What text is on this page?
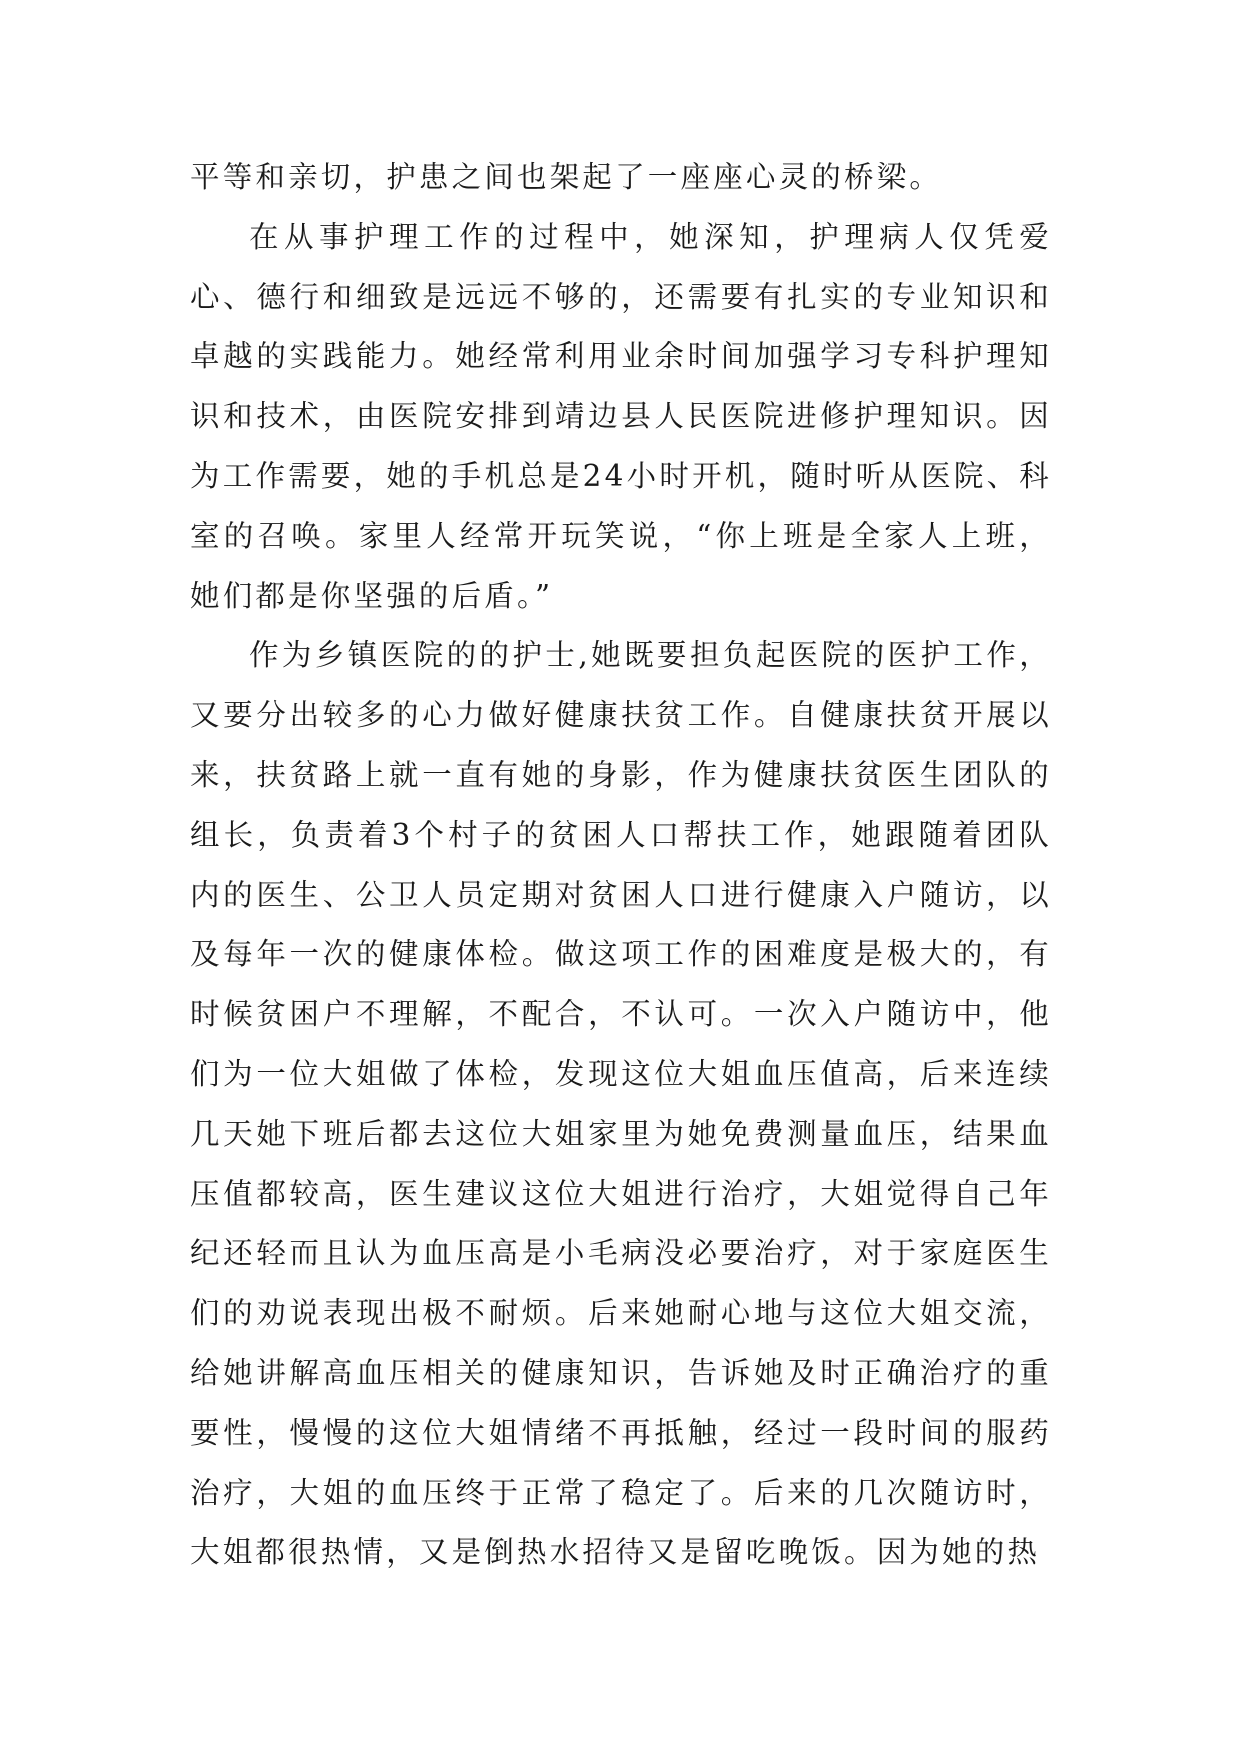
平等和亲切，护患之间也架起了一座座心灵的桥梁。

在从事护理工作的过程中，她深知，护理病人仅凭爱心、德行和细致是远远不够的，还需要有扎实的专业知识和卓越的实践能力。她经常利用业余时间加强学习专科护理知识和技术，由医院安排到靖边县人民医院进修护理知识。因为工作需要，她的手机总是24小时开机，随时听从医院、科室的召唤。家里人经常开玩笑说，“你上班是全家人上班，她们都是你坚强的后盾。”

作为乡镇医院的的护士,她既要担负起医院的医护工作，又要分出较多的心力做好健康扶贫工作。自健康扶贫开展以来，扶贫路上就一直有她的身影，作为健康扶贫医生团队的组长，负责着3个村子的贫困人口帮扶工作，她跟随着团队内的医生、公卫人员定期对贫困人口进行健康入户随访，以及每年一次的健康体检。做这项工作的困难度是极大的，有时候贫困户不理解，不配合，不认可。一次入户随访中，他们为一位大姐做了体检，发现这位大姐血压值高，后来连续几天她下班后都去这位大姐家里为她免费测量血压，结果血压值都较高，医生建议这位大姐进行治疗，大姐觉得自己年纪还轻而且认为血压高是小毛病没必要治疗，对于家庭医生们的劝说表现出极不耐烦。后来她耐心地与这位大姐交流，给她讲解高血压相关的健康知识，告诉她及时正确治疗的重要性，慢慢的这位大姐情绪不再抵触，经过一段时间的服药治疗，大姐的血压终于正常了稳定了。后来的几次随访时，大姐都很热情，又是倒热水招待又是留吃晚饭。因为她的热
